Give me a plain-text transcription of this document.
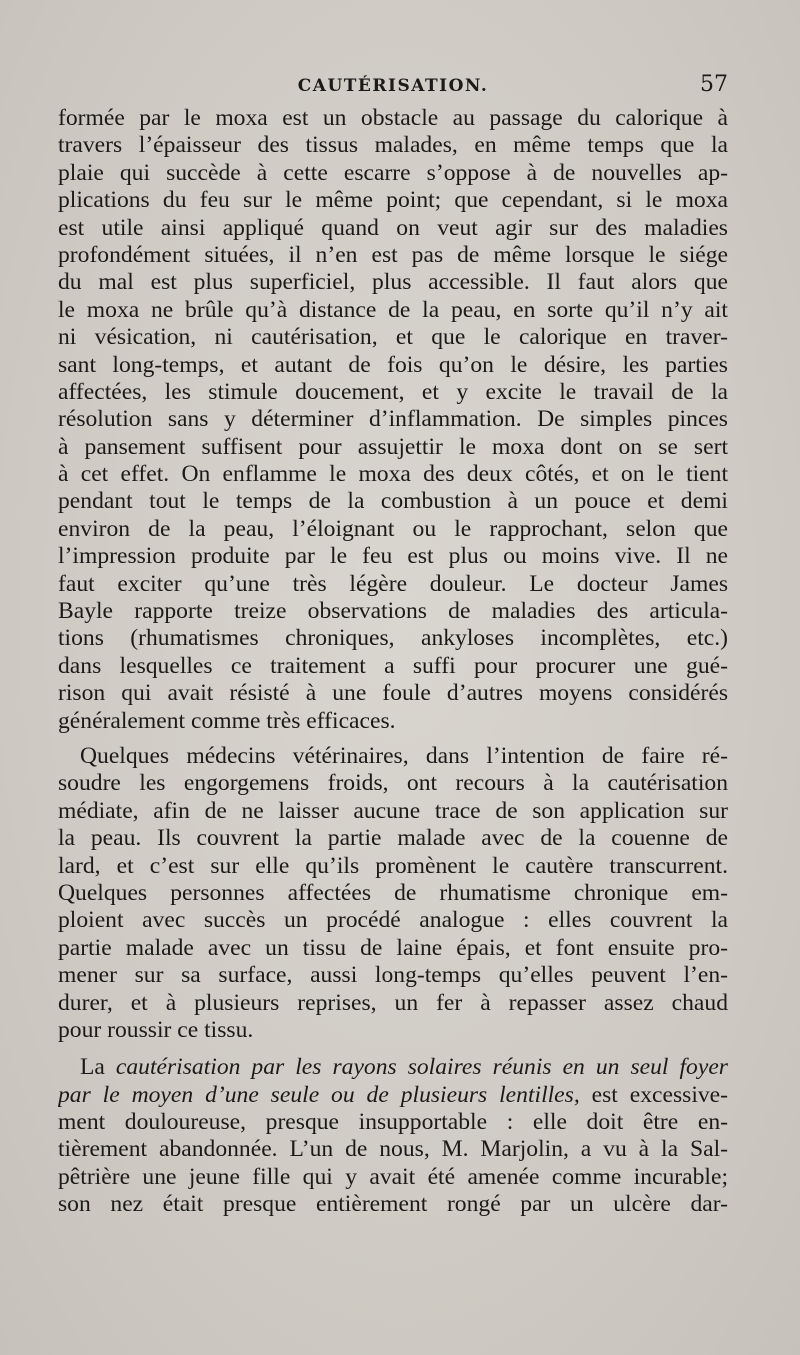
CAUTÉRISATION.	57
formée par le moxa est un obstacle au passage du calorique à
travers l’épaisseur des tissus malades, en même temps que la
plaie qui succède à cette escarre s’oppose à de nouvelles ap-
plications du feu sur le même point; que cependant, si le moxa
est utile ainsi appliqué quand on veut agir sur des maladies
profondément situées, il n’en est pas de même lorsque le siége
du mal est plus superficiel, plus accessible. Il faut alors que
le moxa ne brûle qu’à distance de la peau, en sorte qu’il n’y ait
ni vésication, ni cautérisation, et que le calorique en traver-
sant long-temps, et autant de fois qu’on le désire, les parties
affectées, les stimule doucement, et y excite le travail de la
résolution sans y déterminer d’inflammation. De simples pinces
à pansement suffisent pour assujettir le moxa dont on se sert
à cet effet. On enflamme le moxa des deux côtés, et on le tient
pendant tout le temps de la combustion à un pouce et demi
environ de la peau, l’éloignant ou le rapprochant, selon que
l’impression produite par le feu est plus ou moins vive. Il ne
faut exciter qu’une très légère douleur. Le docteur James
Bayle rapporte treize observations de maladies des articula-
tions (rhumatismes chroniques, ankyloses incomplètes, etc.)
dans lesquelles ce traitement a suffi pour procurer une gué-
rison qui avait résisté à une foule d’autres moyens considérés
généralement comme très efficaces.
Quelques médecins vétérinaires, dans l’intention de faire ré-
soudre les engorgemens froids, ont recours à la cautérisation
médiate, afin de ne laisser aucune trace de son application sur
la peau. Ils couvrent la partie malade avec de la couenne de
lard, et c’est sur elle qu’ils promènent le cautère transcurrent.
Quelques personnes affectées de rhumatisme chronique em-
ploient avec succès un procédé analogue : elles couvrent la
partie malade avec un tissu de laine épais, et font ensuite pro-
mener sur sa surface, aussi long-temps qu’elles peuvent l’en-
durer, et à plusieurs reprises, un fer à repasser assez chaud
pour roussir ce tissu.
La cautérisation par les rayons solaires réunis en un seul foyer
par le moyen d’une seule ou de plusieurs lentilles, est excessive-
ment douloureuse, presque insupportable : elle doit être en-
tièrement abandonnée. L’un de nous, M. Marjolin, a vu à la Sal-
pêtrière une jeune fille qui y avait été amenée comme incurable;
son nez était presque entièrement rongé par un ulcère dar-
